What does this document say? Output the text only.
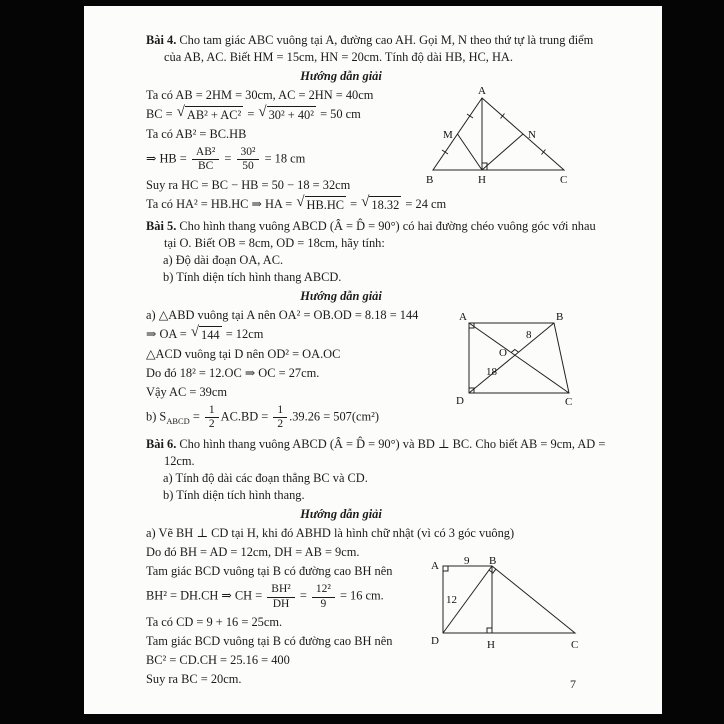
Bài 4. Cho tam giác ABC vuông tại A, đường cao AH. Gọi M, N theo thứ tự là trung điểm của AB, AC. Biết HM = 15cm, HN = 20cm. Tính độ dài HB, HC, HA.

Hướng dẫn giải

Ta có AB = 2HM = 30cm, AC = 2HN = 40cm
BC = √ AB² + AC² = √ 30² + 40² = 50 cm
Ta có AB² = BC.HB
⇒ HB = $\frac{\text{AB²}}{BC} = \frac{\text{30²}}{50} = 18$ cm
Suy ra HC = BC − HB = 50 − 18 = 32cm
Ta có HA² = HB.HC ⇒ HA = √ HB.HC = √ 18.32 = 24 cm

Bài 5. Cho hình thang vuông ABCD (Â = D̂ = 90°) có hai đường chéo vuông góc với nhau tại O. Biết OB = 8cm, OD = 18cm, hãy tính:

a) Độ dài đoạn OA, AC.

b) Tính diện tích hình thang ABCD.

Hướng dẫn giải

a) △ABD vuông tại A nên OA² = OB.OD = 8.18 = 144
⇒ OA = √ 144 = 12cm
△ACD vuông tại D nên OD² = OA.OC
Do đó 18² = 12.OC ⇒ OC = 27cm.
Vậy AC = 39cm
b) $S_{ABCD} = \frac{1}{2} AC.BD = \frac{1}{2} .39.26 = 507(cm^2)$

Bài 6. Cho hình thang vuông ABCD (Â = D̂ = 90°) và BD ⊥ BC. Cho biết AB = 9cm, AD = 12cm.

a) Tính độ dài các đoạn thẳng BC và CD.

b) Tính diện tích hình thang.

Hướng dẫn giải

a) Vẽ BH ⊥ CD tại H, khi đó ABHD là hình chữ nhật (vì có 3 góc vuông)
Do đó BH = AD = 12cm, DH = AB = 9cm.
Tam giác BCD vuông tại B có đường cao BH nên
BH² = DH.CH ⇒ CH = $\frac{\text{BH²}}{DH} = \frac{\text{12²}}{9} = 16$ cm.
Ta có CD = 9 + 16 = 25cm.
Tam giác BCD vuông tại B có đường cao BH nên
BC² = CD.CH = 25.16 = 400
Suy ra BC = 20cm.
A
M	N
B	H	C
A	B
O
8
18
D	C
A 9 B
12
D	H	C
7
